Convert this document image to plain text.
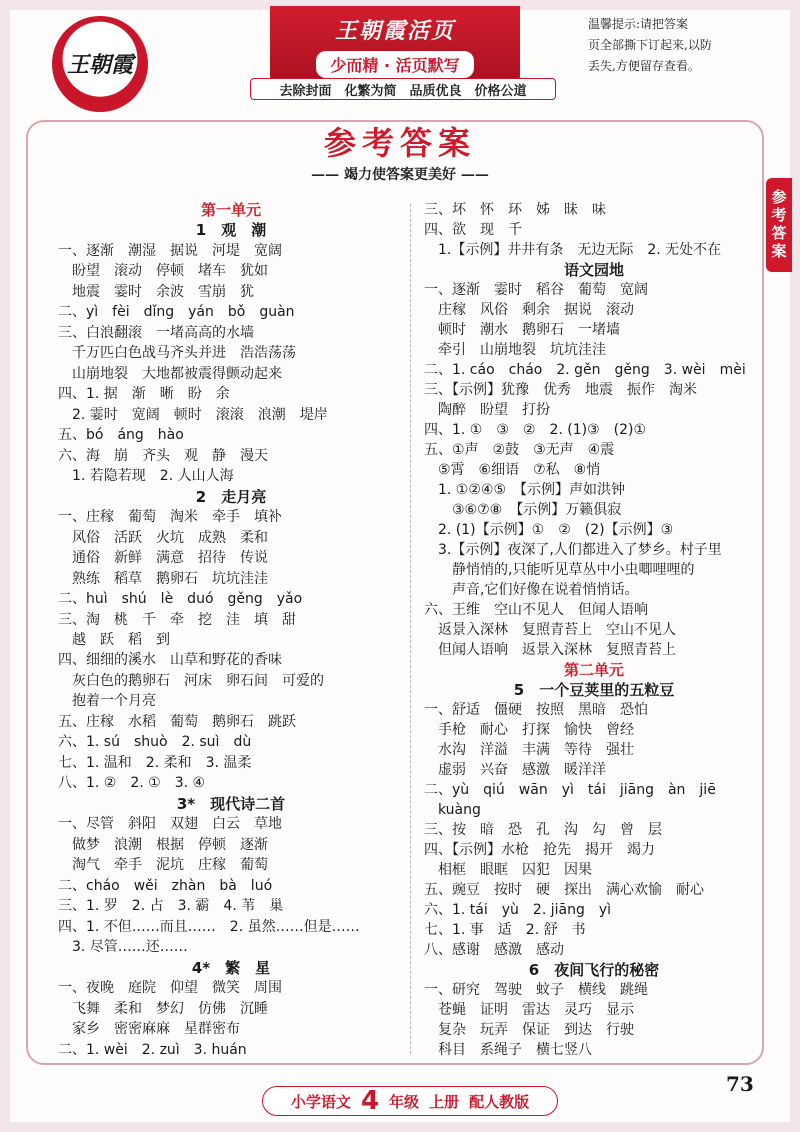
王朝霞
王朝霞活页
少而精 · 活页默写
温馨提示:请把答案
页全部撕下订起来,以防
丢失,方便留存查看。
去除封面　化繁为简　品质优良　价格公道
参考答案
—— 竭力使答案更美好 ——
参考答案
第一单元
1　观　潮
一、逐渐　潮湿　据说　河堤　宽阔
　盼望　滚动　停顿　堵车　犹如
　地震　霎时　余波　雪崩　犹
二、yì　fèi　dǐng　yán　bǒ　guàn
三、白浪翻滚　一堵高高的水墙
　千万匹白色战马齐头并进　浩浩荡荡
　山崩地裂　大地都被震得颤动起来
四、1. 据　渐　晰　盼　余
　2. 霎时　宽阔　顿时　滚滚　浪潮　堤岸
五、bó　áng　hào
六、海　崩　齐头　观　静　漫天
　1. 若隐若现　2. 人山人海
2　走月亮
一、庄稼　葡萄　淘米　牵手　填补
　风俗　活跃　火坑　成熟　柔和
　通俗　新鲜　满意　招待　传说
　熟练　稻草　鹅卵石　坑坑洼洼
二、huì　shú　lè　duó　gěng　yǎo
三、淘　桃　千　牵　挖　洼　填　甜
　越　跃　稻　到
四、细细的溪水　山草和野花的香味
　灰白色的鹅卵石　河床　卵石间　可爱的
　抱着一个月亮
五、庄稼　水稻　葡萄　鹅卵石　跳跃
六、1. sú　shuò　2. suì　dù
七、1. 温和　2. 柔和　3. 温柔
八、1. ②　2. ①　3. ④
3*　现代诗二首
一、尽管　斜阳　双翅　白云　草地
　做梦　浪潮　根据　停顿　逐渐
　淘气　牵手　泥坑　庄稼　葡萄
二、cháo　wěi　zhàn　bà　luó
三、1. 罗　2. 占　3. 霸　4. 苇　巢
四、1. 不但……而且……　2. 虽然……但是……
　3. 尽管……还……
4*　繁　星
一、夜晚　庭院　仰望　微笑　周围
　飞舞　柔和　梦幻　仿佛　沉睡
　家乡　密密麻麻　星群密布
二、1. wèi　2. zuì　3. huán
三、坏　怀　环　姊　昧　味
四、欲　现　千
　1.【示例】井井有条　无边无际　2. 无处不在
语文园地
一、逐渐　霎时　稻谷　葡萄　宽阔
　庄稼　风俗　剩余　据说　滚动
　顿时　潮水　鹅卵石　一堵墙
　牵引　山崩地裂　坑坑洼洼
二、1. cáo　cháo　2. gěn　gěng　3. wèi　mèi
三、【示例】犹豫　优秀　地震　振作　淘米
　陶醉　盼望　打扮
四、1. ①　③　②　2. (1)③　(2)①
五、①声　②鼓　③无声　④震
　⑤霄　⑥细语　⑦私　⑧悄
　1. ①②④⑤　【示例】声如洪钟
　　③⑥⑦⑧　【示例】万籁俱寂
　2. (1)【示例】①　②　(2)【示例】③
　3.【示例】夜深了,人们都进入了梦乡。村子里
　　静悄悄的,只能听见草丛中小虫唧哩哩的
　　声音,它们好像在说着悄悄话。
六、王维　空山不见人　但闻人语响
　返景入深林　复照青苔上　空山不见人
　但闻人语响　返景入深林　复照青苔上
第二单元
5　一个豆荚里的五粒豆
一、舒适　僵硬　按照　黑暗　恐怕
　手枪　耐心　打探　愉快　曾经
　水沟　洋溢　丰满　等待　强壮
　虚弱　兴奋　感激　暖洋洋
二、yù　qiú　wān　yì　tái　jiāng　àn　jiē
　kuàng
三、按　暗　恐　孔　沟　勾　曾　层
四、【示例】水枪　抢先　揭开　竭力
　相框　眼眶　囚犯　因果
五、豌豆　按时　硬　探出　满心欢愉　耐心
六、1. tái　yù　2. jiāng　yì
七、1. 事　适　2. 舒　书
八、感谢　感激　感动
6　夜间飞行的秘密
一、研究　驾驶　蚊子　横线　跳绳
　苍蝇　证明　雷达　灵巧　显示
　复杂　玩弄　保证　到达　行驶
　科目　系绳子　横七竖八
小学语文 4 年级 上册 配人教版
73
